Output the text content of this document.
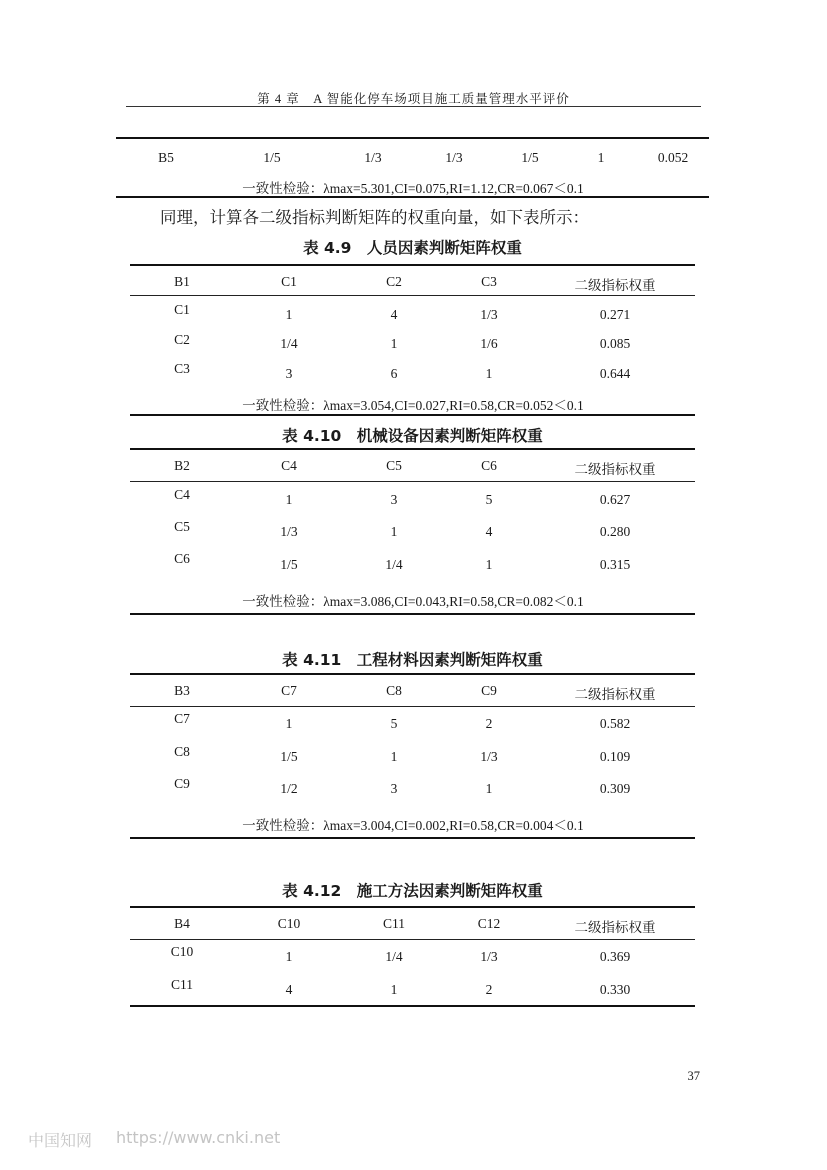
第 4 章　A 智能化停车场项目施工质量管理水平评价
B5	1/5	1/3	1/3	1/5	1	0.052
一致性检验：λmax=5.301,CI=0.075,RI=1.12,CR=0.067＜0.1
同理，计算各二级指标判断矩阵的权重向量，如下表所示：
表 4.9　人员因素判断矩阵权重
B1	C1	C2	C3	二级指标权重
C1	1	4	1/3	0.271
C2	1/4	1	1/6	0.085
C3	3	6	1	0.644
一致性检验：λmax=3.054,CI=0.027,RI=0.58,CR=0.052＜0.1
表 4.10　机械设备因素判断矩阵权重
B2	C4	C5	C6	二级指标权重
C4	1	3	5	0.627
C5	1/3	1	4	0.280
C6	1/5	1/4	1	0.315
一致性检验：λmax=3.086,CI=0.043,RI=0.58,CR=0.082＜0.1
表 4.11　工程材料因素判断矩阵权重
B3	C7	C8	C9	二级指标权重
C7	1	5	2	0.582
C8	1/5	1	1/3	0.109
C9	1/2	3	1	0.309
一致性检验：λmax=3.004,CI=0.002,RI=0.58,CR=0.004＜0.1
表 4.12　施工方法因素判断矩阵权重
B4	C10	C11	C12	二级指标权重
C10	1	1/4	1/3	0.369
C11	4	1	2	0.330
37
中国知网 https://www.cnki.net
